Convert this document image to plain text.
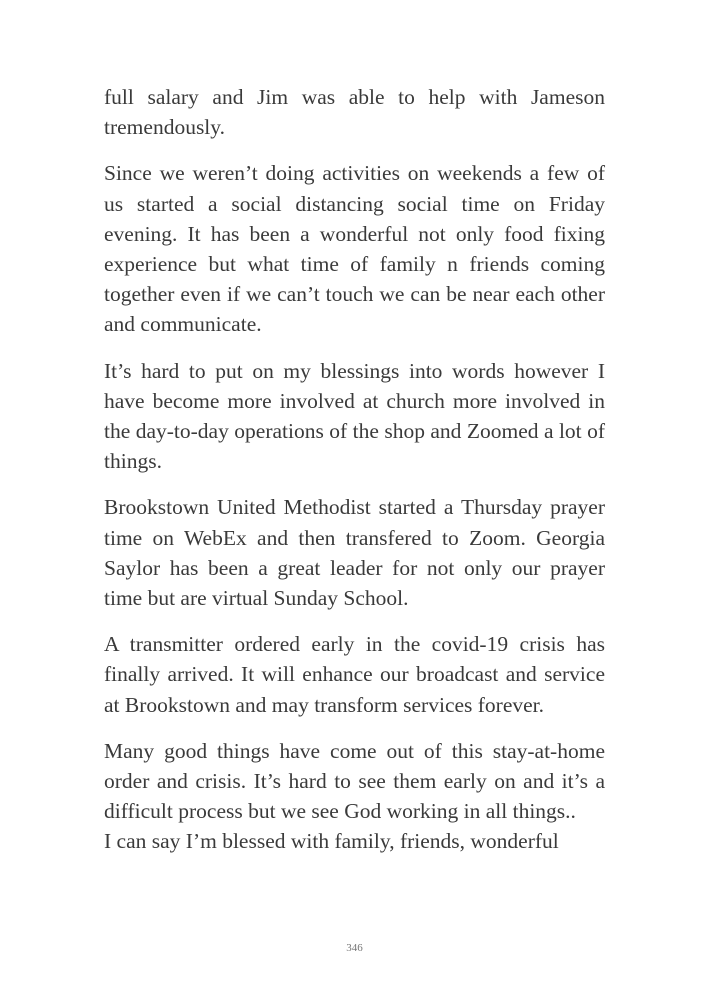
full salary and Jim was able to help with Jameson tremendously.

Since we weren’t doing activities on weekends a few of us started a social distancing social time on Friday evening. It has been a wonderful not only food fixing experience but what time of family n friends coming together even if we can’t touch we can be near each other and communicate.

It’s hard to put on my blessings into words however I have become more involved at church more involved in the day-to-day operations of the shop and Zoomed a lot of things.

Brookstown United Methodist started a Thursday prayer time on WebEx and then transfered to Zoom. Georgia Saylor has been a great leader for not only our prayer time but are virtual Sunday School.

A transmitter ordered early in the covid-19 crisis has finally arrived. It will enhance our broadcast and service at Brookstown and may transform services forever.

Many good things have come out of this stay-at-home order and crisis. It’s hard to see them early on and it’s a difficult process but we see God working in all things..

I can say I’m blessed with family, friends, wonderful

346
